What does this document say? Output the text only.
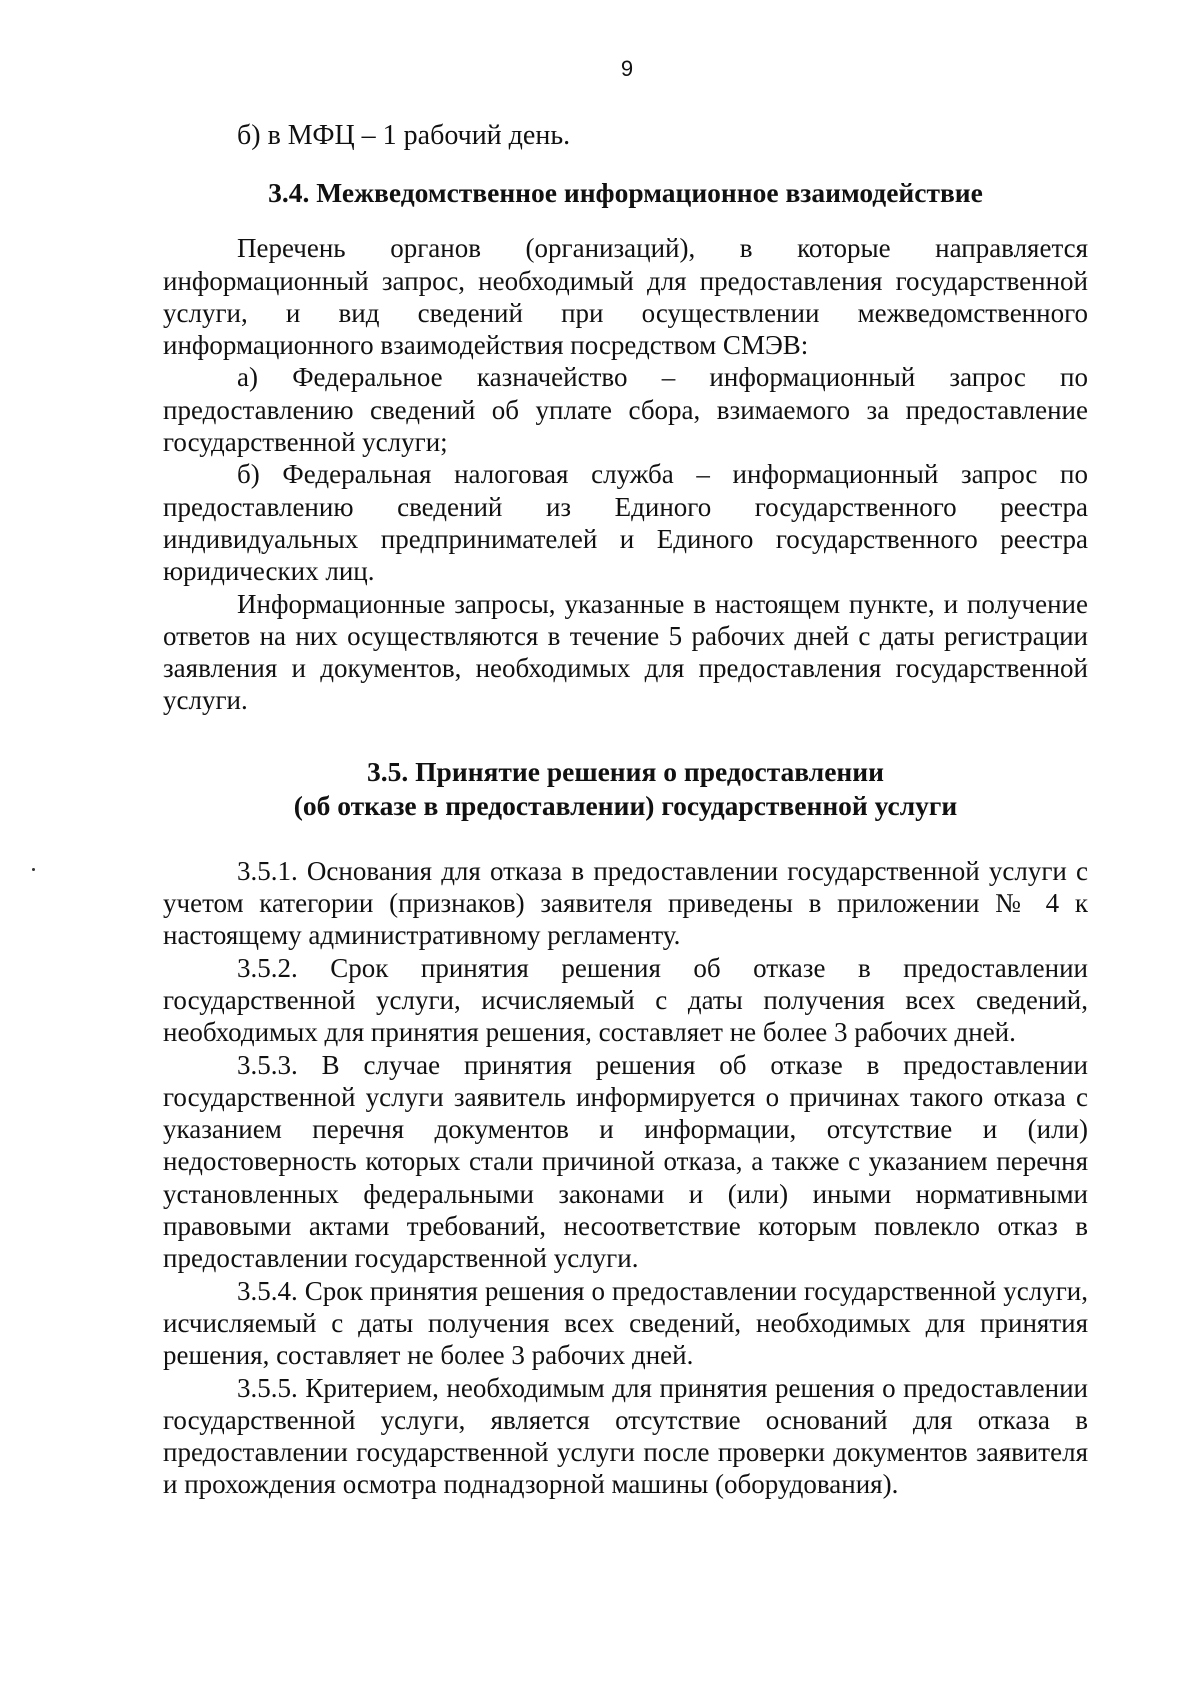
9
б) в МФЦ – 1 рабочий день.
3.4. Межведомственное информационное взаимодействие

Перечень органов (организаций), в которые направляется информационный запрос, необходимый для предоставления государственной услуги, и вид сведений при осуществлении межведомственного информационного взаимодействия посредством СМЭВ:

а) Федеральное казначейство – информационный запрос по предоставлению сведений об уплате сбора, взимаемого за предоставление государственной услуги;

б) Федеральная налоговая служба – информационный запрос по предоставлению сведений из Единого государственного реестра индивидуальных предпринимателей и Единого государственного реестра юридических лиц.

Информационные запросы, указанные в настоящем пункте, и получение ответов на них осуществляются в течение 5 рабочих дней с даты регистрации заявления и документов, необходимых для предоставления государственной услуги.

3.5. Принятие решения о предоставлении
(об отказе в предоставлении) государственной услуги

3.5.1. Основания для отказа в предоставлении государственной услуги с учетом категории (признаков) заявителя приведены в приложении № 4 к настоящему административному регламенту.

3.5.2. Срок принятия решения об отказе в предоставлении государственной услуги, исчисляемый с даты получения всех сведений, необходимых для принятия решения, составляет не более 3 рабочих дней.

3.5.3. В случае принятия решения об отказе в предоставлении государственной услуги заявитель информируется о причинах такого отказа с указанием перечня документов и информации, отсутствие и (или) недостоверность которых стали причиной отказа, а также с указанием перечня установленных федеральными законами и (или) иными нормативными правовыми актами требований, несоответствие которым повлекло отказ в предоставлении государственной услуги.

3.5.4. Срок принятия решения о предоставлении государственной услуги, исчисляемый с даты получения всех сведений, необходимых для принятия решения, составляет не более 3 рабочих дней.

3.5.5. Критерием, необходимым для принятия решения о предоставлении государственной услуги, является отсутствие оснований для отказа в предоставлении государственной услуги после проверки документов заявителя и прохождения осмотра поднадзорной машины (оборудования).
